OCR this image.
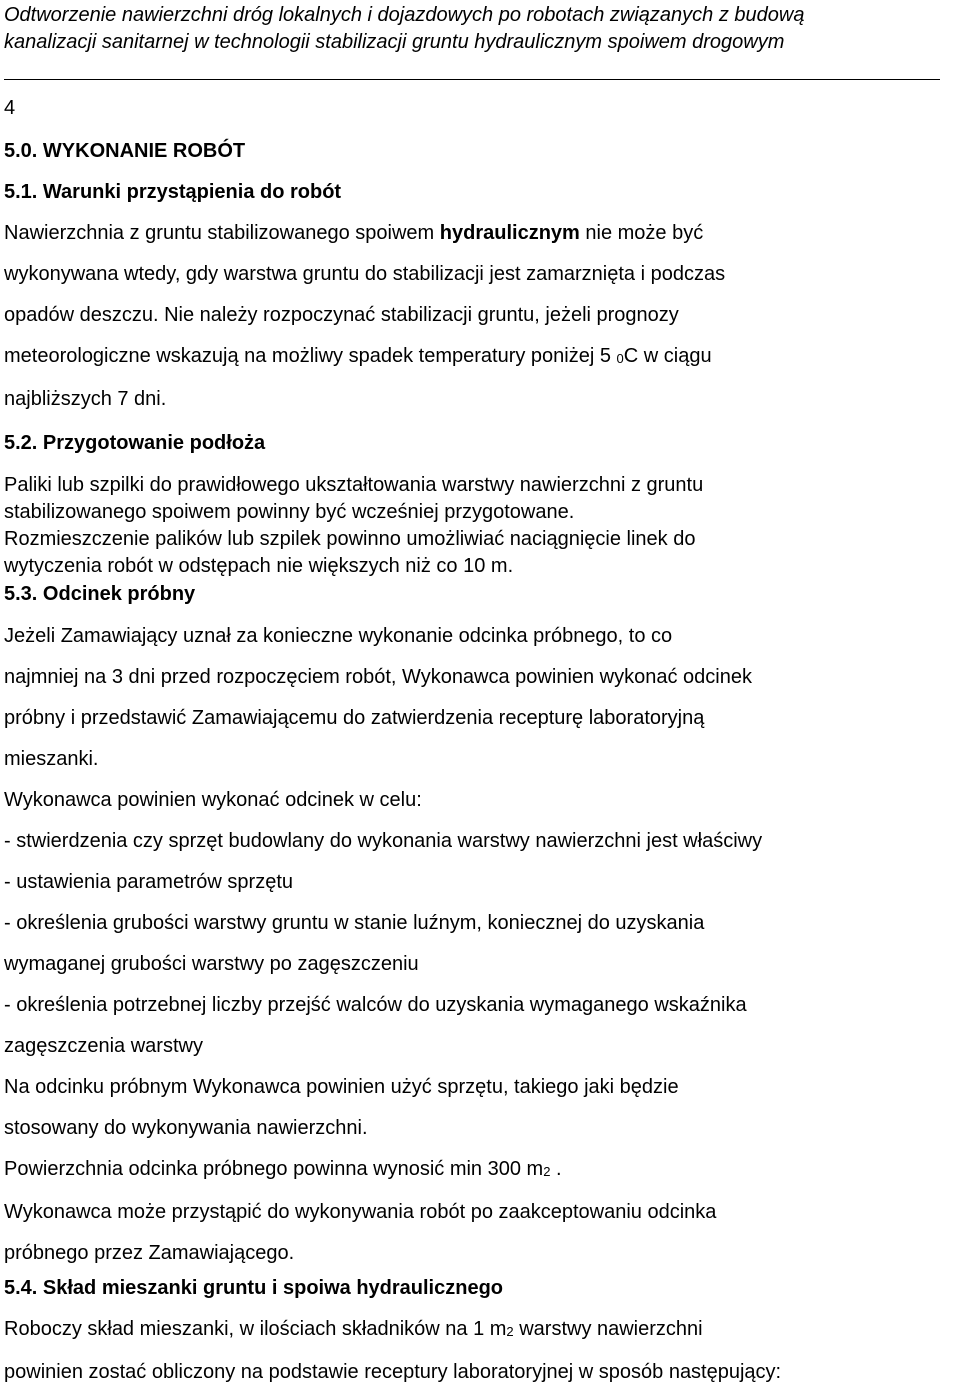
Odtworzenie nawierzchni dróg lokalnych i dojazdowych po robotach związanych z budową
kanalizacji sanitarnej w technologii stabilizacji gruntu hydraulicznym spoiwem drogowym
4
5.0. WYKONANIE ROBÓT
5.1. Warunki przystąpienia do robót

Nawierzchnia z gruntu stabilizowanego spoiwem hydraulicznym nie może być

wykonywana wtedy, gdy warstwa gruntu do stabilizacji jest zamarznięta i podczas

opadów deszczu. Nie należy rozpoczynać stabilizacji gruntu, jeżeli prognozy

meteorologiczne wskazują na możliwy spadek temperatury poniżej 5 0C w ciągu

najbliższych 7 dni.

5.2. Przygotowanie podłoża

Paliki lub szpilki do prawidłowego ukształtowania warstwy nawierzchni z gruntu

stabilizowanego spoiwem powinny być wcześniej przygotowane.

Rozmieszczenie palików lub szpilek powinno umożliwiać naciągnięcie linek do

wytyczenia robót w odstępach nie większych niż co 10 m.

5.3. Odcinek próbny

Jeżeli Zamawiający uznał za konieczne wykonanie odcinka próbnego, to co

najmniej na 3 dni przed rozpoczęciem robót, Wykonawca powinien wykonać odcinek

próbny i przedstawić Zamawiającemu do zatwierdzenia recepturę laboratoryjną

mieszanki.

Wykonawca powinien wykonać odcinek w celu:

- stwierdzenia czy sprzęt budowlany do wykonania warstwy nawierzchni jest właściwy

- ustawienia parametrów sprzętu

- określenia grubości warstwy gruntu w stanie luźnym, koniecznej do uzyskania

wymaganej grubości warstwy po zagęszczeniu

- określenia potrzebnej liczby przejść walców do uzyskania wymaganego wskaźnika

zagęszczenia warstwy

Na odcinku próbnym Wykonawca powinien użyć sprzętu, takiego jaki będzie

stosowany do wykonywania nawierzchni.

Powierzchnia odcinka próbnego powinna wynosić min 300 m2 .

Wykonawca może przystąpić do wykonywania robót po zaakceptowaniu odcinka

próbnego przez Zamawiającego.

5.4. Skład mieszanki gruntu i spoiwa hydraulicznego

Roboczy skład mieszanki, w ilościach składników na 1 m2 warstwy nawierzchni

powinien zostać obliczony na podstawie receptury laboratoryjnej w sposób następujący:
